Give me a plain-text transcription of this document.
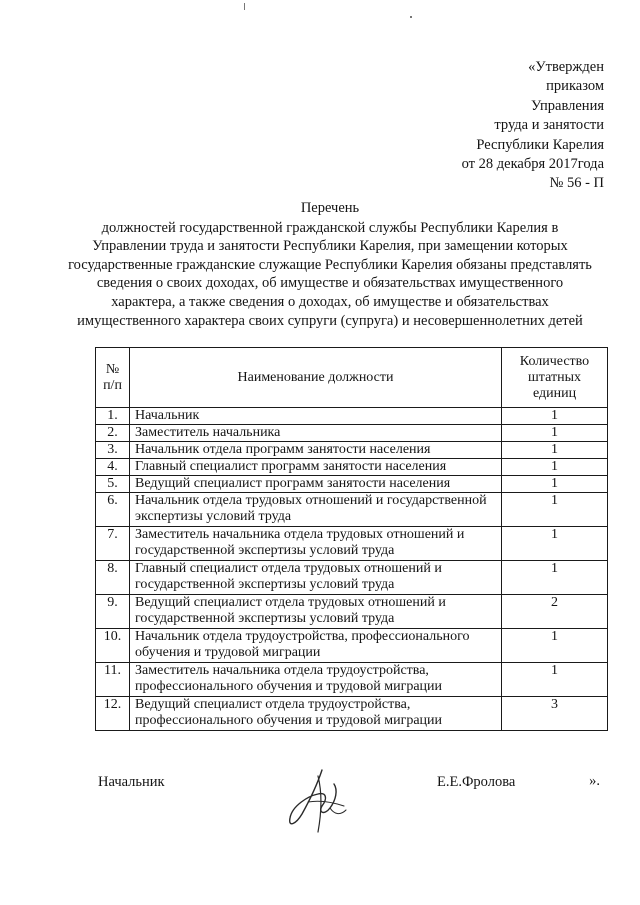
«Утвержден
приказом
Управления
труда и занятости
Республики Карелия
от 28 декабря 2017года
№ 56 - П
Перечень
должностей государственной гражданской службы Республики Карелия в Управлении труда и занятости Республики Карелия, при замещении которых государственные гражданские служащие Республики Карелия обязаны представлять сведения о своих доходах, об имуществе и обязательствах имущественного характера, а также сведения о доходах, об имуществе и обязательствах имущественного характера своих супруги (супруга) и несовершеннолетних детей
№ п/п	Наименование должности	Количество штатных единиц
1.	Начальник	1
2.	Заместитель начальника	1
3.	Начальник отдела программ занятости населения	1
4.	Главный специалист программ занятости населения	1
5.	Ведущий специалист программ занятости населения	1
6.	Начальник отдела трудовых отношений и государственной экспертизы условий труда	1
7.	Заместитель начальника отдела трудовых отношений и государственной экспертизы условий труда	1
8.	Главный специалист отдела трудовых отношений и государственной экспертизы условий труда	1
9.	Ведущий специалист отдела трудовых отношений и государственной экспертизы условий труда	2
10.	Начальник отдела трудоустройства, профессионального обучения и трудовой миграции	1
11.	Заместитель начальника отдела трудоустройства, профессионального обучения и трудовой миграции	1
12.	Ведущий специалист отдела трудоустройства, профессионального обучения и трудовой миграции	3
».
Начальник	Е.Е.Фролова
